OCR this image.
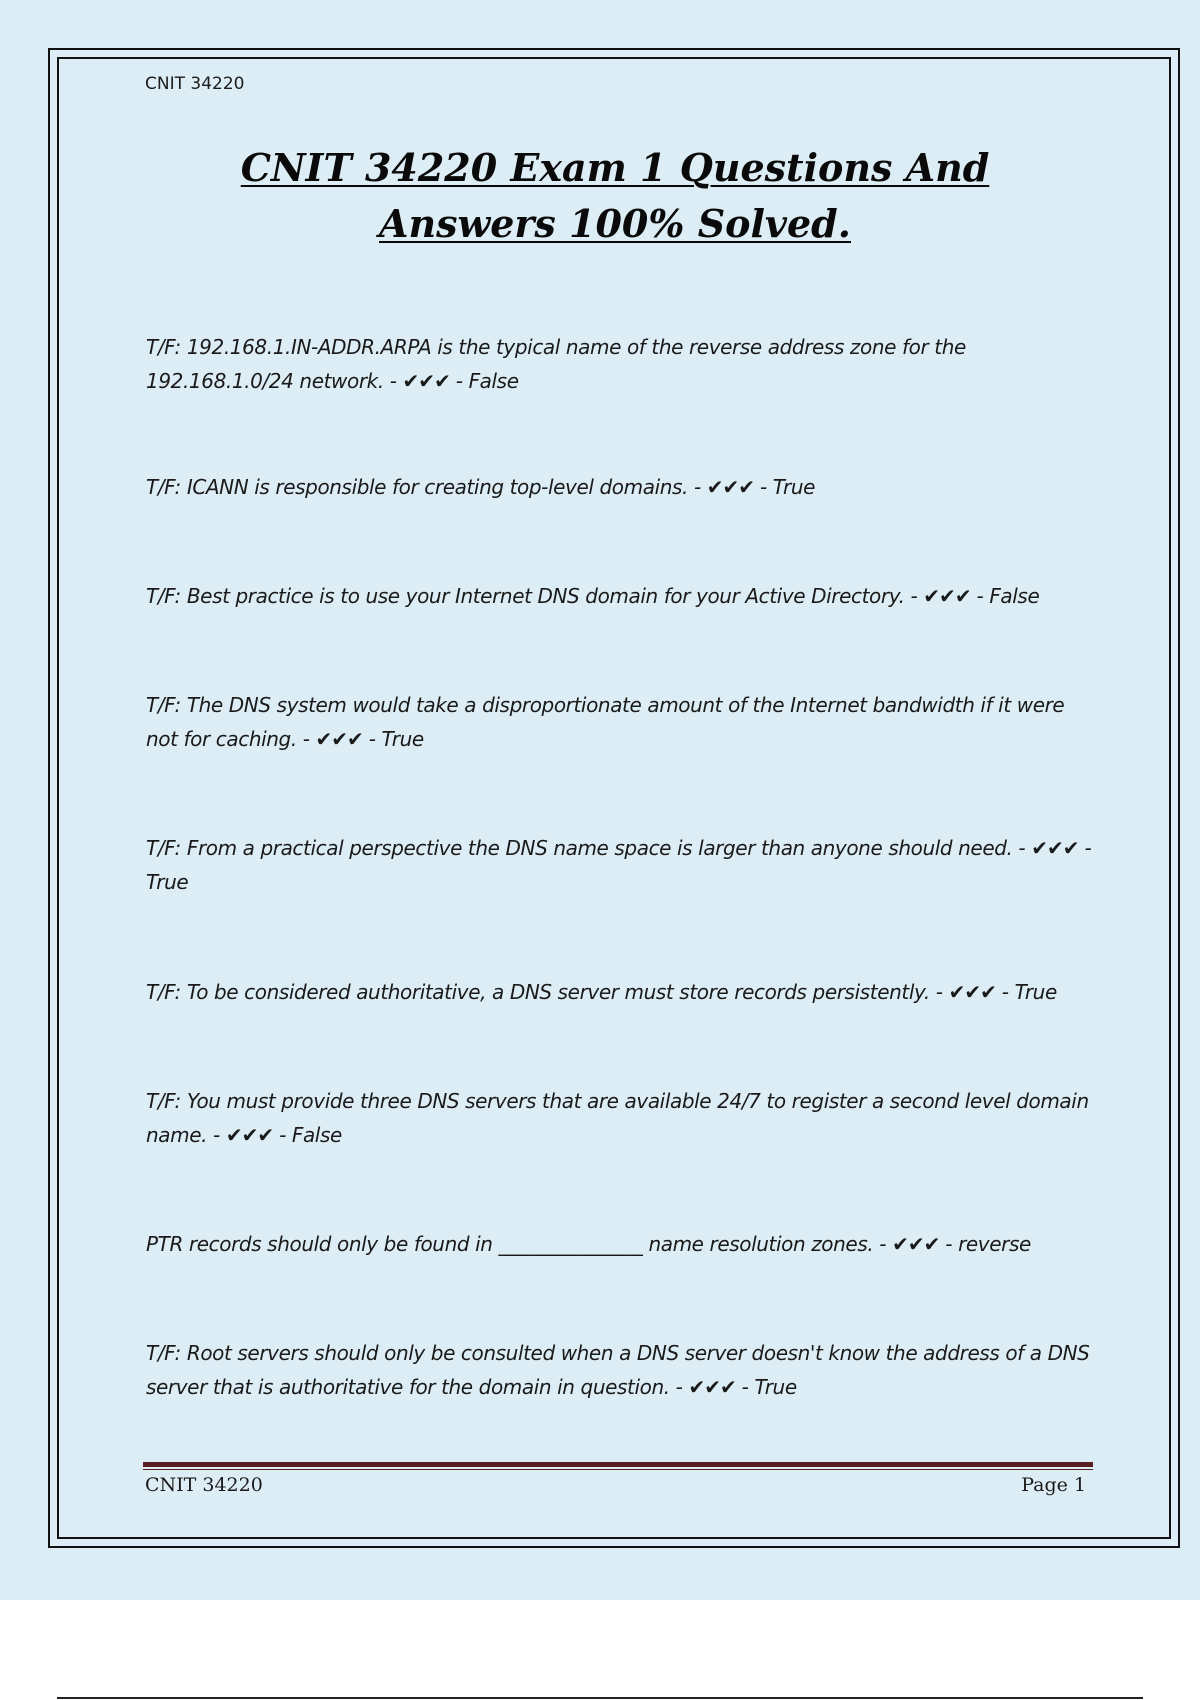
CNIT 34220
CNIT 34220 Exam 1 Questions And Answers 100% Solved.
T/F: 192.168.1.IN-ADDR.ARPA is the typical name of the reverse address zone for the 192.168.1.0/24 network. - ✔✔✔ - False
T/F: ICANN is responsible for creating top-level domains. - ✔✔✔ - True
T/F: Best practice is to use your Internet DNS domain for your Active Directory. - ✔✔✔ - False
T/F: The DNS system would take a disproportionate amount of the Internet bandwidth if it were not for caching. - ✔✔✔ - True
T/F: From a practical perspective the DNS name space is larger than anyone should need. - ✔✔✔ - True
T/F: To be considered authoritative, a DNS server must store records persistently. - ✔✔✔ - True
T/F: You must provide three DNS servers that are available 24/7 to register a second level domain name. - ✔✔✔ - False
PTR records should only be found in _______________ name resolution zones. - ✔✔✔ - reverse
T/F: Root servers should only be consulted when a DNS server doesn't know the address of a DNS server that is authoritative for the domain in question. - ✔✔✔ - True
CNIT 34220	Page 1
